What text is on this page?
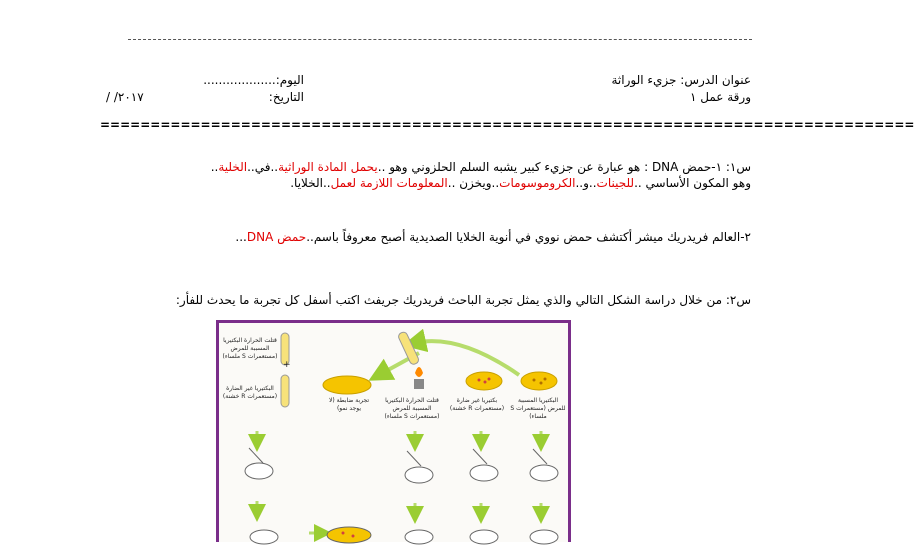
عنوان الدرس: جزيء الوراثة
اليوم:...................
ورقة عمل ١
التاريخ:
/ /٢٠١٧
=================================================================================
س١: ١-حمض DNA : هو عبارة عن جزيء كبير يشبه السلم الحلزوني وهو ..يحمل المادة الوراثية..في..الخلية..
وهو المكون الأساسي ..للجينات..و..الكروموسومات..ويخزن ..المعلومات اللازمة لعمل..الخلايا.
٢-العالم فريدريك ميشر أكتشف حمض نووي في أنوية الخلايا الصديدية أصبح معروفاً باسم..حمض DNA...
س٢: من خلال دراسة الشكل التالي والذي يمثل تجربة الباحث فريدريك جريفث اكتب أسفل كل تجربة ما يحدث للفأر:
قتلت الحرارة البكتيريا المسببة للمرض (مستعمرات S ملساء)
+
البكتيريا غير الضارة (مستعمرات R خشنة)
تجربة ضابطة (لا يوجد نمو)
قتلت الحرارة البكتيريا المسببة للمرض (مستعمرات S ملساء)
بكتيريا غير ضارة (مستعمرات R خشنة)
البكتيريا المسببة للمرض (مستعمرات S ملساء)
